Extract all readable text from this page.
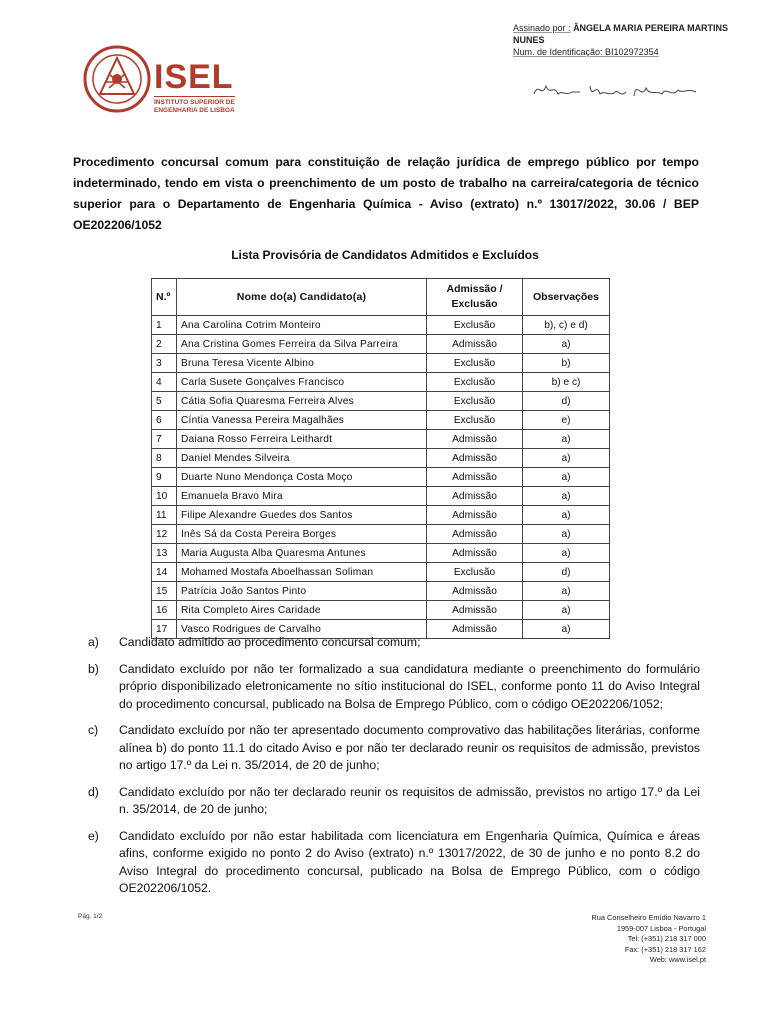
Assinado por : ÂNGELA MARIA PEREIRA MARTINS
NUNES
Num. de Identificação: BI102972354
ISEL
INSTITUTO SUPERIOR DE
ENGENHARIA DE LISBOA
Procedimento concursal comum para constituição de relação jurídica de emprego público por tempo indeterminado, tendo em vista o preenchimento de um posto de trabalho na carreira/categoria de técnico superior para o Departamento de Engenharia Química - Aviso (extrato) n.º 13017/2022, 30.06 / BEP OE202206/1052
Lista Provisória de Candidatos Admitidos e Excluídos
N.º	Nome do(a) Candidato(a)	Admissão /
Exclusão	Observações
1	Ana Carolina Cotrim Monteiro	Exclusão	b), c) e d)
2	Ana Cristina Gomes Ferreira da Silva Parreira	Admissão	a)
3	Bruna Teresa Vicente Albino	Exclusão	b)
4	Carla Susete Gonçalves Francisco	Exclusão	b) e c)
5	Cátia Sofia Quaresma Ferreira Alves	Exclusão	d)
6	Cíntia Vanessa Pereira Magalhães	Exclusão	e)
7	Daiana Rosso Ferreira Leithardt	Admissão	a)
8	Daniel Mendes Silveira	Admissão	a)
9	Duarte Nuno Mendonça Costa Moço	Admissão	a)
10	Emanuela Bravo Mira	Admissão	a)
11	Filipe Alexandre Guedes dos Santos	Admissão	a)
12	Inês Sá da Costa Pereira Borges	Admissão	a)
13	Maria Augusta Alba Quaresma Antunes	Admissão	a)
14	Mohamed Mostafa Aboelhassan Soliman	Exclusão	d)
15	Patrícia João Santos Pinto	Admissão	a)
16	Rita Completo Aires Caridade	Admissão	a)
17	Vasco Rodrigues de Carvalho	Admissão	a)
a)	Candidato admitido ao procedimento concursal comum;
b)	Candidato excluído por não ter formalizado a sua candidatura mediante o preenchimento do formulário próprio disponibilizado eletronicamente no sítio institucional do ISEL, conforme ponto 11 do Aviso Integral do procedimento concursal, publicado na Bolsa de Emprego Público, com o código OE202206/1052;
c)	Candidato excluído por não ter apresentado documento comprovativo das habilitações literárias, conforme alínea b) do ponto 11.1 do citado Aviso e por não ter declarado reunir os requisitos de admissão, previstos no artigo 17.º da Lei n. 35/2014, de 20 de junho;
d)	Candidato excluído por não ter declarado reunir os requisitos de admissão, previstos no artigo 17.º da Lei n. 35/2014, de 20 de junho;
e)	Candidato excluído por não estar habilitada com licenciatura em Engenharia Química, Química e áreas afins, conforme exigido no ponto 2 do Aviso (extrato) n.º 13017/2022, de 30 de junho e no ponto 8.2 do Aviso Integral do procedimento concursal, publicado na Bolsa de Emprego Público, com o código OE202206/1052.
Pág. 1/2	Rua Conselheiro Emídio Navarro 1
1959-007 Lisboa - Portugal
Tel: (+351) 218 317 000
Fax: (+351) 218 317 162
Web: www.isel.pt
